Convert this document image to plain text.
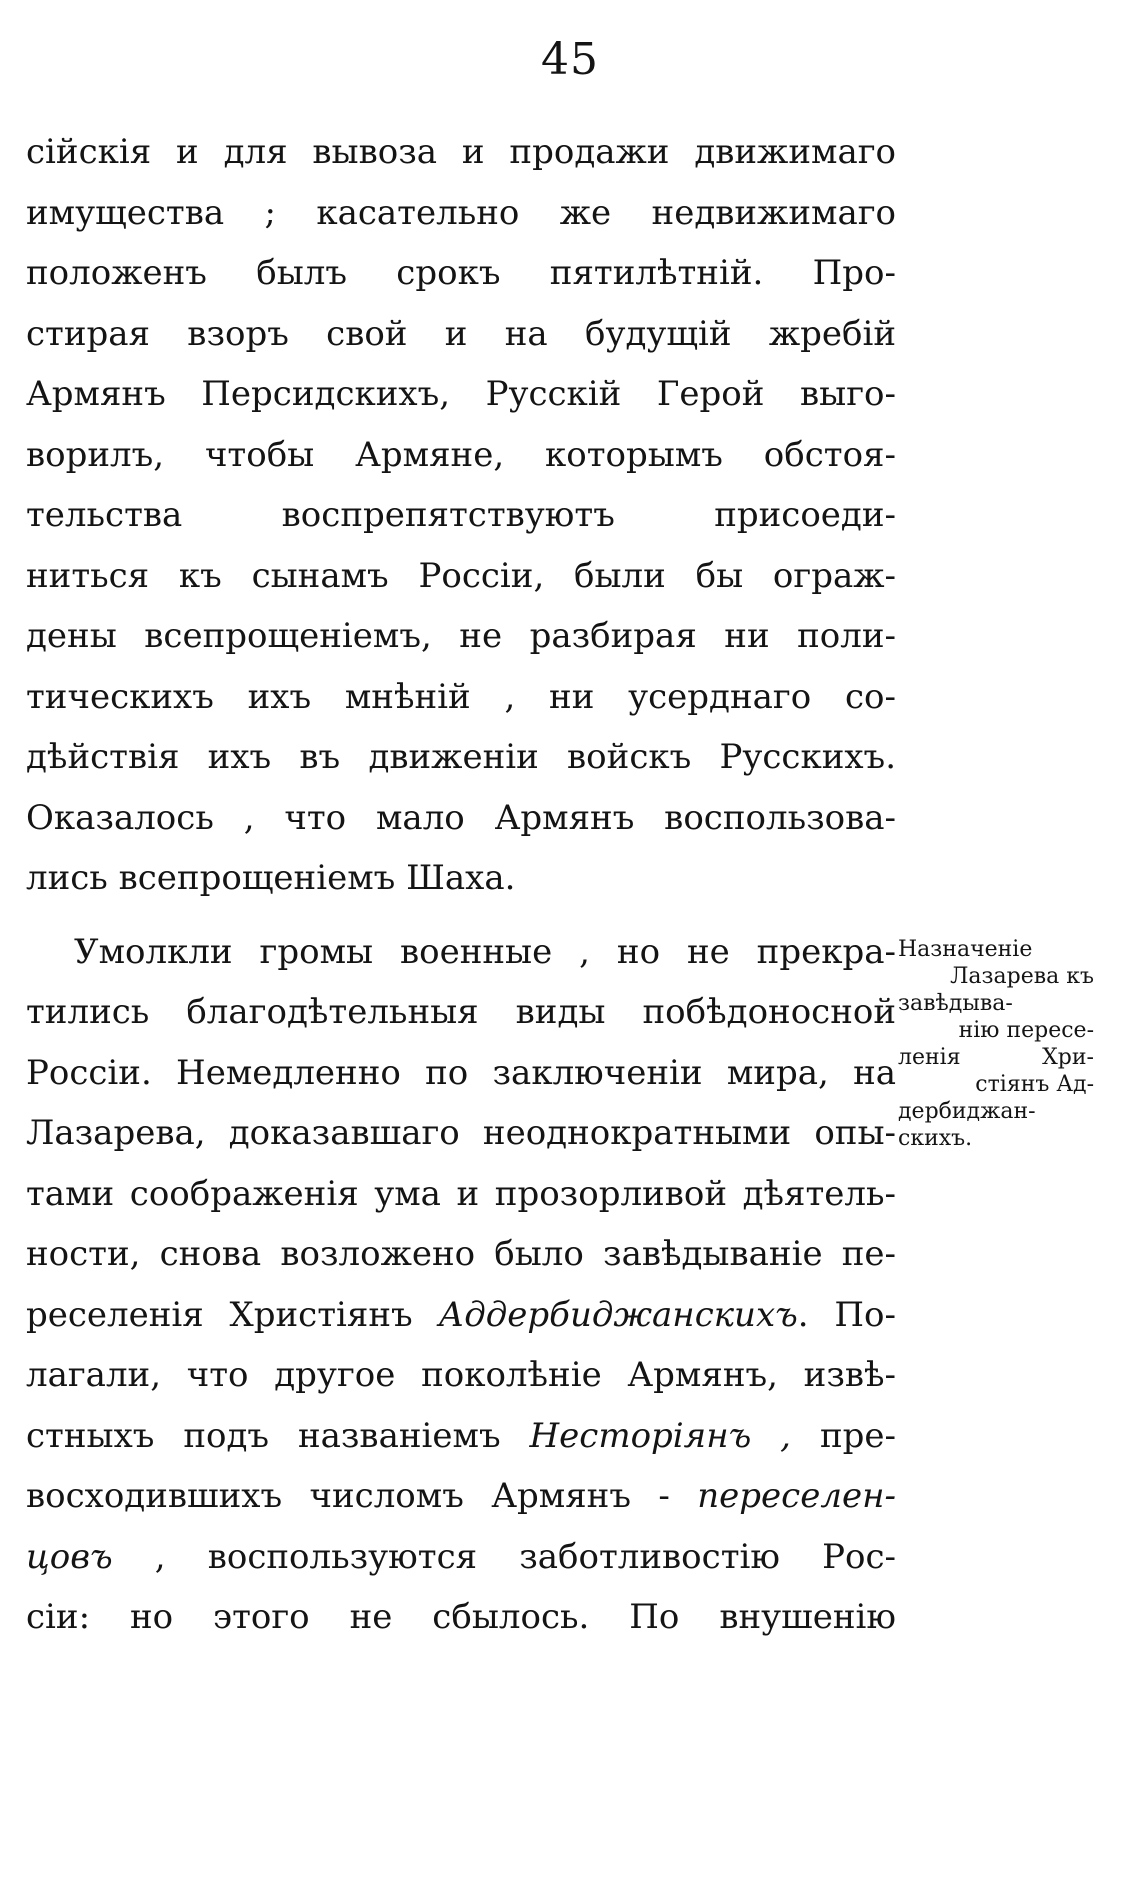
45
сійскія и для вывоза и продажи движимаго
имущества ; касательно же недвижимаго
положенъ былъ срокъ пятилѣтній. Про-
стирая взоръ свой и на будущій жребій
Армянъ Персидскихъ, Русскій Герой выго-
ворилъ, чтобы Армяне, которымъ обстоя-
тельства воспрепятствуютъ присоеди-
ниться къ сынамъ Россіи, были бы ограж-
дены всепрощеніемъ, не разбирая ни поли-
тическихъ ихъ мнѣній , ни усерднаго со-
дѣйствія ихъ въ движеніи войскъ Русскихъ.
Оказалось , что мало Армянъ воспользова-
лись всепрощеніемъ Шаха.
Умолкли громы военные , но не прекра-
тились благодѣтельныя виды побѣдоносной
Россіи. Немедленно по заключеніи мира, на
Лазарева, доказавшаго неоднократными опы-
тами соображенія ума и прозорливой дѣятель-
ности, снова возложено было завѣдываніе пе-
реселенія Христіянъ Аддербиджанскихъ. По-
лагали, что другое поколѣніе Армянъ, извѣ-
стныхъ подъ названіемъ Несторіянъ , пре-
восходившихъ числомъ Армянъ - переселен-
цовъ , воспользуются заботливостію Рос-
сіи: но этого не сбылось. По внушенію
Назначеніе
Лазарева къ
завѣдыва-
нію пересе-
ленія Хри-
стіянъ Ад-
дербиджан-
скихъ.
